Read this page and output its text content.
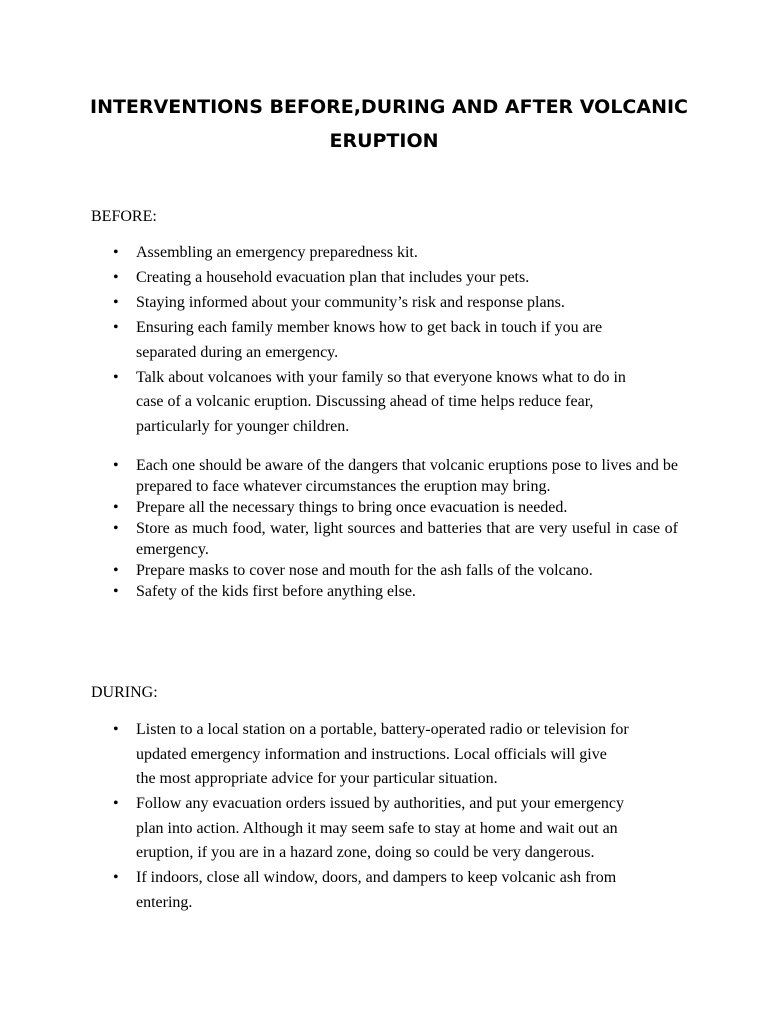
INTERVENTIONS BEFORE,DURING AND AFTER VOLCANIC
ERUPTION
BEFORE:
• Assembling an emergency preparedness kit.
• Creating a household evacuation plan that includes your pets.
• Staying informed about your community’s risk and response plans.
• Ensuring each family member knows how to get back in touch if you are
separated during an emergency.
• Talk about volcanoes with your family so that everyone knows what to do in
case of a volcanic eruption. Discussing ahead of time helps reduce fear,
particularly for younger children.
• Each one should be aware of the dangers that volcanic eruptions pose to lives and be prepared to face whatever circumstances the eruption may bring.
• Prepare all the necessary things to bring once evacuation is needed.
• Store as much food, water, light sources and batteries that are very useful in case of emergency.
• Prepare masks to cover nose and mouth for the ash falls of the volcano.
• Safety of the kids first before anything else.
DURING:
• Listen to a local station on a portable, battery-operated radio or television for
updated emergency information and instructions. Local officials will give
the most appropriate advice for your particular situation.
• Follow any evacuation orders issued by authorities, and put your emergency
plan into action. Although it may seem safe to stay at home and wait out an
eruption, if you are in a hazard zone, doing so could be very dangerous.
• If indoors, close all window, doors, and dampers to keep volcanic ash from
entering.
